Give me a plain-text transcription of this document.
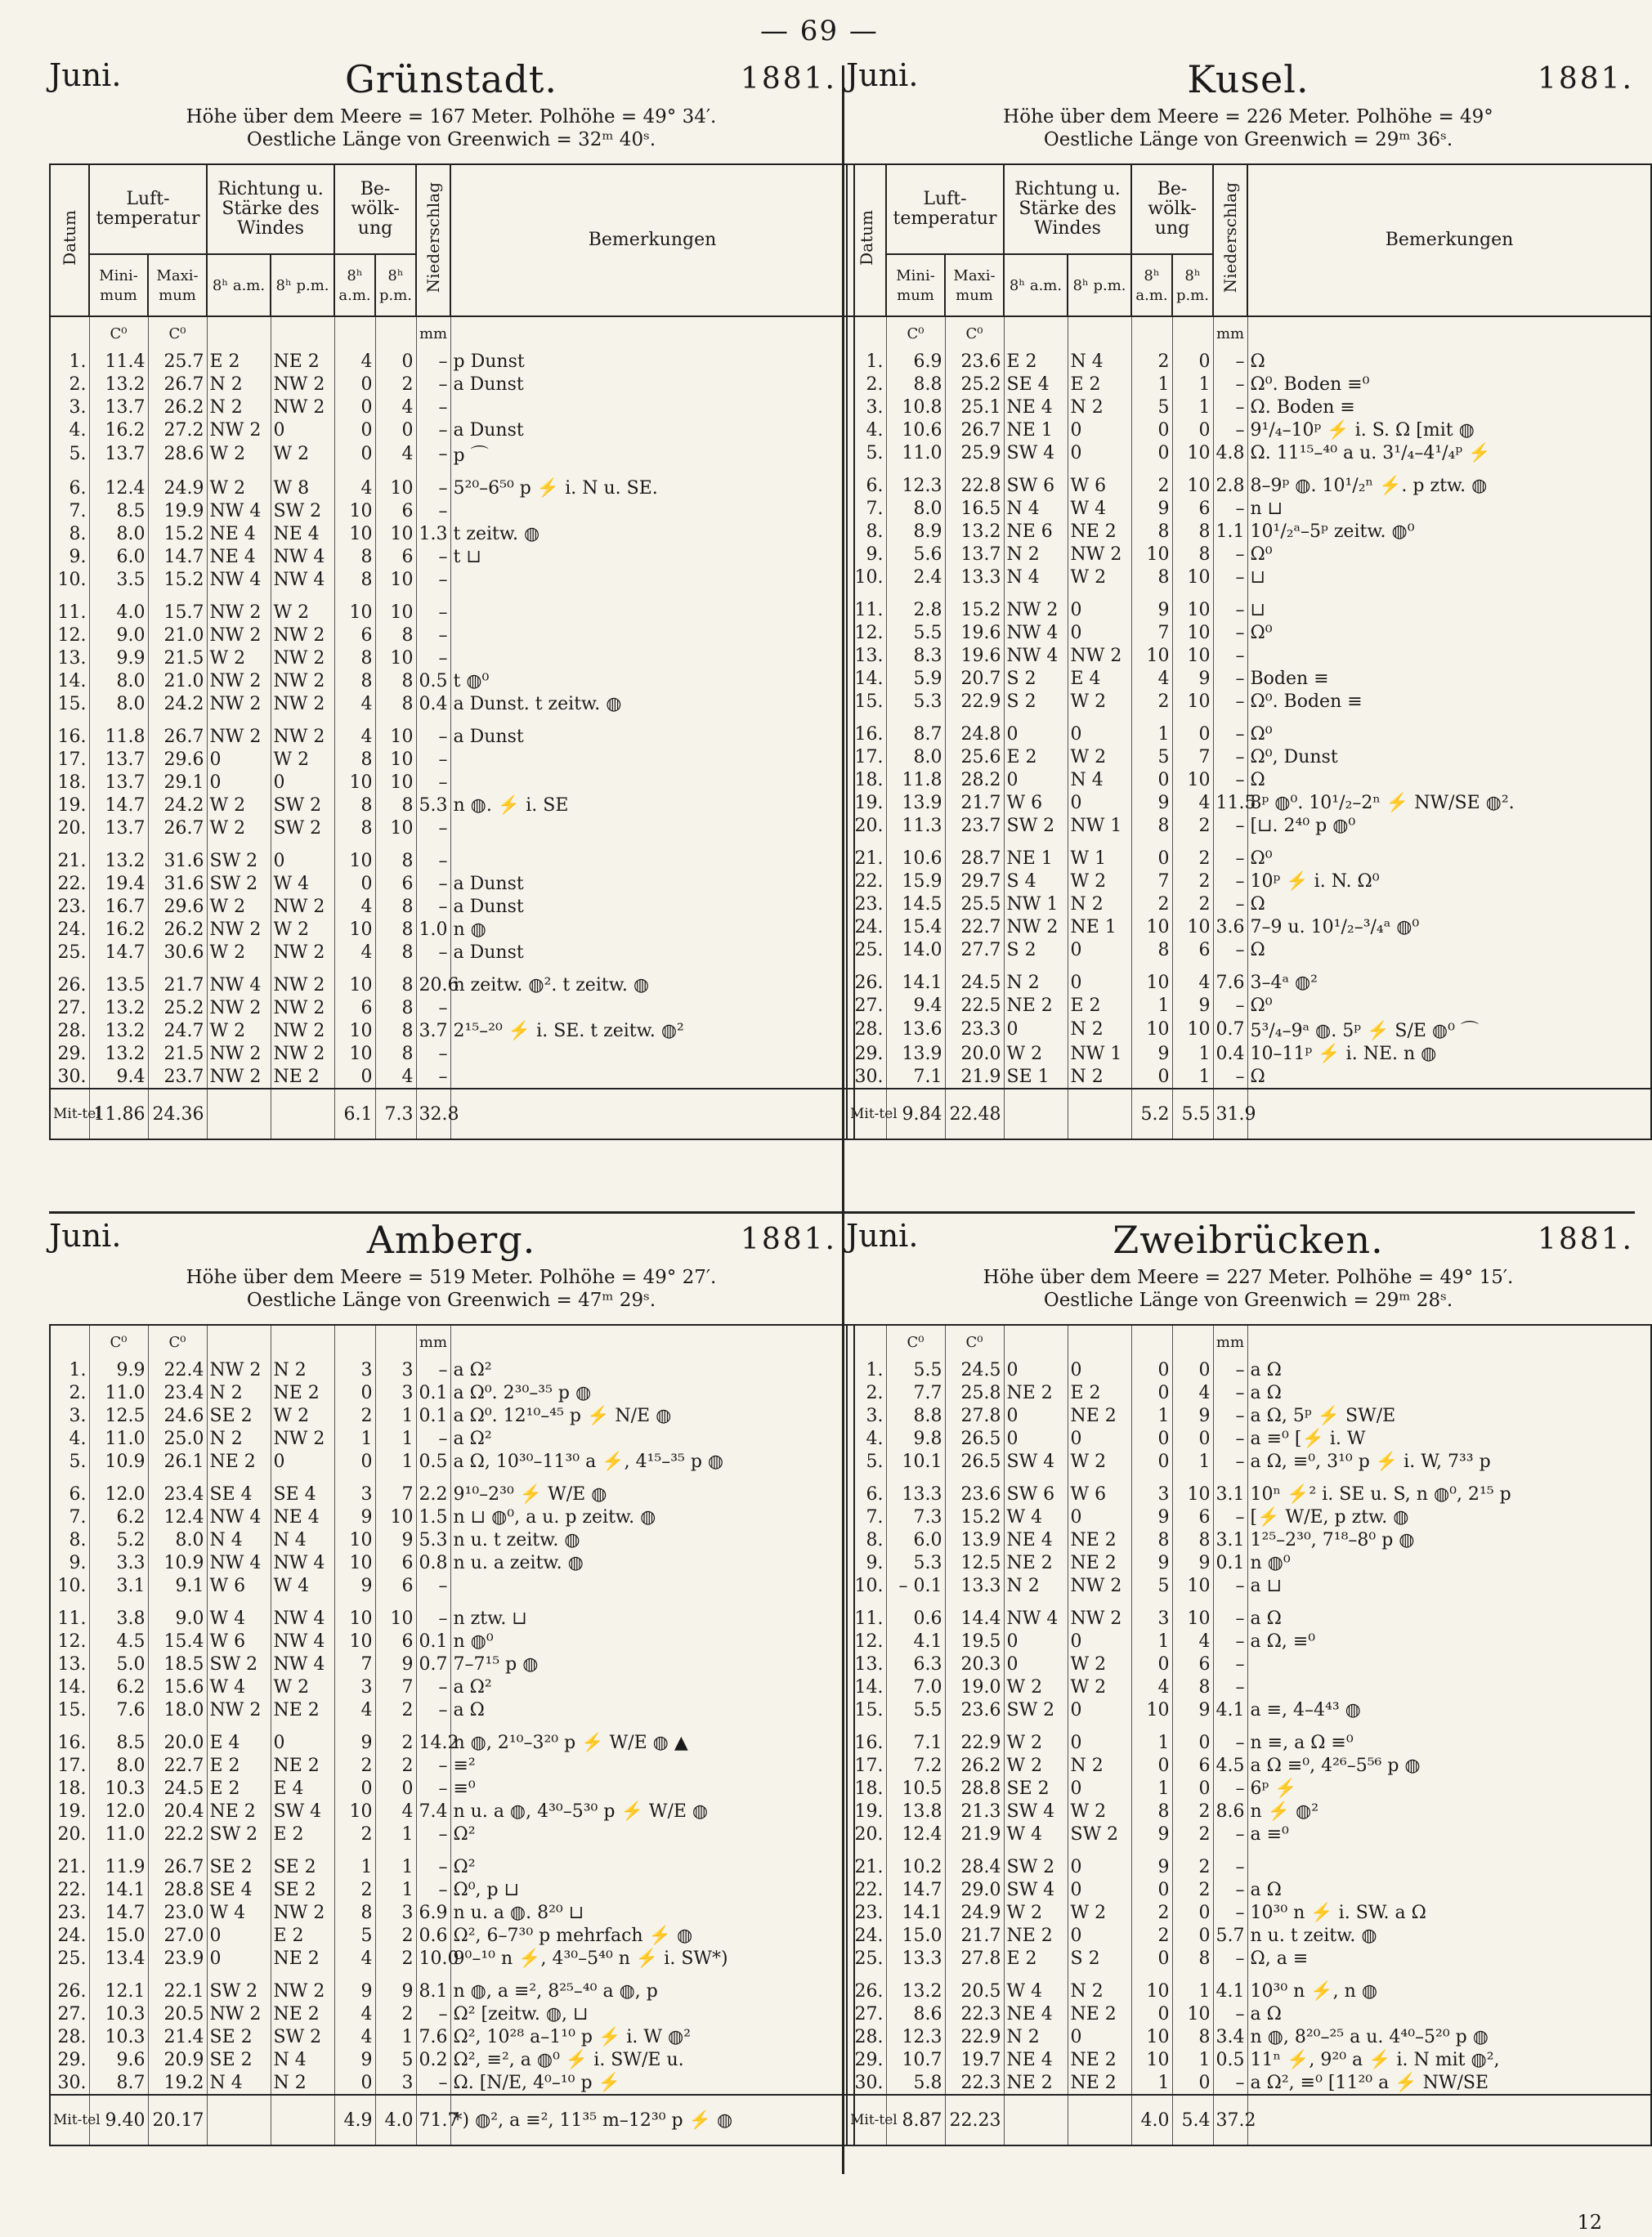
— 69 —
Juni.	Grünstadt.	1881.
Höhe über dem Meere = 167 Meter. Polhöhe = 49° 34′.
Oestliche Länge von Greenwich = 32ᵐ 40ˢ.
Datum	Luft-temperatur		Richtung u. Stärke des Windes		Be-wölk-ung		Niederschlag	Bemerkungen
	Mini-mum	Maxi-mum	8ʰ a.m.	8ʰ p.m.	8ʰ a.m.	8ʰ p.m.		
	C⁰	C⁰					mm	
1.	11.4	25.7	E 2	NE 2	4	0	–	p Dunst
2.	13.2	26.7	N 2	NW 2	0	2	–	a Dunst
3.	13.7	26.2	N 2	NW 2	0	4	–	
4.	16.2	27.2	NW 2	0	0	0	–	a Dunst
5.	13.7	28.6	W 2	W 2	0	4	–	p ⌒

6.	12.4	24.9	W 2	W 8	4	10	–	5²⁰–6⁵⁰ p ⚡ i. N u. SE.
7.	8.5	19.9	NW 4	SW 2	10	6	–	
8.	8.0	15.2	NE 4	NE 4	10	10	1.3	t zeitw. ◍
9.	6.0	14.7	NE 4	NW 4	8	6	–	t ⊔
10.	3.5	15.2	NW 4	NW 4	8	10	–	

11.	4.0	15.7	NW 2	W 2	10	10	–	
12.	9.0	21.0	NW 2	NW 2	6	8	–	
13.	9.9	21.5	W 2	NW 2	8	10	–	
14.	8.0	21.0	NW 2	NW 2	8	8	0.5	t ◍⁰
15.	8.0	24.2	NW 2	NW 2	4	8	0.4	a Dunst. t zeitw. ◍

16.	11.8	26.7	NW 2	NW 2	4	10	–	a Dunst
17.	13.7	29.6	0	W 2	8	10	–	
18.	13.7	29.1	0	0	10	10	–	
19.	14.7	24.2	W 2	SW 2	8	8	5.3	n ◍. ⚡ i. SE
20.	13.7	26.7	W 2	SW 2	8	10	–	

21.	13.2	31.6	SW 2	0	10	8	–	
22.	19.4	31.6	SW 2	W 4	0	6	–	a Dunst
23.	16.7	29.6	W 2	NW 2	4	8	–	a Dunst
24.	16.2	26.2	NW 2	W 2	10	8	1.0	n ◍
25.	14.7	30.6	W 2	NW 2	4	8	–	a Dunst

26.	13.5	21.7	NW 4	NW 2	10	8	20.6	n zeitw. ◍². t zeitw. ◍
27.	13.2	25.2	NW 2	NW 2	6	8	–	
28.	13.2	24.7	W 2	NW 2	10	8	3.7	2¹⁵–²⁰ ⚡ i. SE. t zeitw. ◍²
29.	13.2	21.5	NW 2	NW 2	10	8	–	
30.	9.4	23.7	NW 2	NE 2	0	4	–	
Mit-tel	11.86	24.36			6.1	7.3	32.8	
Juni.	Kusel.	1881.
Höhe über dem Meere = 226 Meter. Polhöhe = 49°
Oestliche Länge von Greenwich = 29ᵐ 36ˢ.
Datum	Luft-temperatur		Richtung u. Stärke des Windes		Be-wölk-ung		Niederschlag	Bemerkungen
	Mini-mum	Maxi-mum	8ʰ a.m.	8ʰ p.m.	8ʰ a.m.	8ʰ p.m.		
	C⁰	C⁰					mm	
1.	6.9	23.6	E 2	N 4	2	0	–	Ω
2.	8.8	25.2	SE 4	E 2	1	1	–	Ω⁰. Boden ≡⁰
3.	10.8	25.1	NE 4	N 2	5	1	–	Ω. Boden ≡
4.	10.6	26.7	NE 1	0	0	0	–	9¹/₄–10ᵖ ⚡ i. S. Ω [mit ◍
5.	11.0	25.9	SW 4	0	0	10	4.8	Ω. 11¹⁵–⁴⁰ a u. 3¹/₄–4¹/₄ᵖ ⚡

6.	12.3	22.8	SW 6	W 6	2	10	2.8	8–9ᵖ ◍. 10¹/₂ⁿ ⚡. p ztw. ◍
7.	8.0	16.5	N 4	W 4	9	6	–	n ⊔
8.	8.9	13.2	NE 6	NE 2	8	8	1.1	10¹/₂ᵃ–5ᵖ zeitw. ◍⁰
9.	5.6	13.7	N 2	NW 2	10	8	–	Ω⁰
10.	2.4	13.3	N 4	W 2	8	10	–	⊔

11.	2.8	15.2	NW 2	0	9	10	–	⊔
12.	5.5	19.6	NW 4	0	7	10	–	Ω⁰
13.	8.3	19.6	NW 4	NW 2	10	10	–	
14.	5.9	20.7	S 2	E 4	4	9	–	Boden ≡
15.	5.3	22.9	S 2	W 2	2	10	–	Ω⁰. Boden ≡

16.	8.7	24.8	0	0	1	0	–	Ω⁰
17.	8.0	25.6	E 2	W 2	5	7	–	Ω⁰, Dunst
18.	11.8	28.2	0	N 4	0	10	–	Ω
19.	13.9	21.7	W 6	0	9	4	11.5	8ᵖ ◍⁰. 10¹/₂–2ⁿ ⚡ NW/SE ◍².
20.	11.3	23.7	SW 2	NW 1	8	2	–	[⊔. 2⁴⁰ p ◍⁰

21.	10.6	28.7	NE 1	W 1	0	2	–	Ω⁰
22.	15.9	29.7	S 4	W 2	7	2	–	10ᵖ ⚡ i. N. Ω⁰
23.	14.5	25.5	NW 1	N 2	2	2	–	Ω
24.	15.4	22.7	NW 2	NE 1	10	10	3.6	7–9 u. 10¹/₂–³/₄ᵃ ◍⁰
25.	14.0	27.7	S 2	0	8	6	–	Ω

26.	14.1	24.5	N 2	0	10	4	7.6	3–4ᵃ ◍²
27.	9.4	22.5	NE 2	E 2	1	9	–	Ω⁰
28.	13.6	23.3	0	N 2	10	10	0.7	5³/₄–9ᵃ ◍. 5ᵖ ⚡ S/E ◍⁰ ⌒
29.	13.9	20.0	W 2	NW 1	9	1	0.4	10–11ᵖ ⚡ i. NE. n ◍
30.	7.1	21.9	SE 1	N 2	0	1	–	Ω
Mit-tel	9.84	22.48			5.2	5.5	31.9	
Juni.	Amberg.	1881.
Höhe über dem Meere = 519 Meter. Polhöhe = 49° 27′.
Oestliche Länge von Greenwich = 47ᵐ 29ˢ.
	C⁰	C⁰					mm	
1.	9.9	22.4	NW 2	N 2	3	3	–	a Ω²
2.	11.0	23.4	N 2	NE 2	0	3	0.1	a Ω⁰. 2³⁰–³⁵ p ◍
3.	12.5	24.6	SE 2	W 2	2	1	0.1	a Ω⁰. 12¹⁰–⁴⁵ p ⚡ N/E ◍
4.	11.0	25.0	N 2	NW 2	1	1	–	a Ω²
5.	10.9	26.1	NE 2	0	0	1	0.5	a Ω, 10³⁰–11³⁰ a ⚡, 4¹⁵–³⁵ p ◍

6.	12.0	23.4	SE 4	SE 4	3	7	2.2	9¹⁰–2³⁰ ⚡ W/E ◍
7.	6.2	12.4	NW 4	NE 4	9	10	1.5	n ⊔ ◍⁰, a u. p zeitw. ◍
8.	5.2	8.0	N 4	N 4	10	9	5.3	n u. t zeitw. ◍
9.	3.3	10.9	NW 4	NW 4	10	6	0.8	n u. a zeitw. ◍
10.	3.1	9.1	W 6	W 4	9	6	–	

11.	3.8	9.0	W 4	NW 4	10	10	–	n ztw. ⊔
12.	4.5	15.4	W 6	NW 4	10	6	0.1	n ◍⁰
13.	5.0	18.5	SW 2	NW 4	7	9	0.7	7–7¹⁵ p ◍
14.	6.2	15.6	W 4	W 2	3	7	–	a Ω²
15.	7.6	18.0	NW 2	NE 2	4	2	–	a Ω

16.	8.5	20.0	E 4	0	9	2	14.2	n ◍, 2¹⁰–3²⁰ p ⚡ W/E ◍ ▲
17.	8.0	22.7	E 2	NE 2	2	2	–	≡²
18.	10.3	24.5	E 2	E 4	0	0	–	≡⁰
19.	12.0	20.4	NE 2	SW 4	10	4	7.4	n u. a ◍, 4³⁰–5³⁰ p ⚡ W/E ◍
20.	11.0	22.2	SW 2	E 2	2	1	–	Ω²

21.	11.9	26.7	SE 2	SE 2	1	1	–	Ω²
22.	14.1	28.8	SE 4	SE 2	2	1	–	Ω⁰, p ⊔
23.	14.7	23.0	W 4	NW 2	8	3	6.9	n u. a ◍. 8²⁰ ⊔
24.	15.0	27.0	0	E 2	5	2	0.6	Ω², 6–7³⁰ p mehrfach ⚡ ◍
25.	13.4	23.9	0	NE 2	4	2	10.0	9⁰–¹⁰ n ⚡, 4³⁰–5⁴⁰ n ⚡ i. SW*)

26.	12.1	22.1	SW 2	NW 2	9	9	8.1	n ◍, a ≡², 8²⁵–⁴⁰ a ◍, p
27.	10.3	20.5	NW 2	NE 2	4	2	–	Ω² [zeitw. ◍, ⊔
28.	10.3	21.4	SE 2	SW 2	4	1	7.6	Ω², 10²⁸ a–1¹⁰ p ⚡ i. W ◍²
29.	9.6	20.9	SE 2	N 4	9	5	0.2	Ω², ≡², a ◍⁰ ⚡ i. SW/E u.
30.	8.7	19.2	N 4	N 2	0	3	–	Ω. [N/E, 4⁰–¹⁰ p ⚡
Mit-tel	9.40	20.17			4.9	4.0	71.7	*) ◍², a ≡², 11³⁵ m–12³⁰ p ⚡ ◍
Juni.	Zweibrücken.	1881.
Höhe über dem Meere = 227 Meter. Polhöhe = 49° 15′.
Oestliche Länge von Greenwich = 29ᵐ 28ˢ.
	C⁰	C⁰					mm	
1.	5.5	24.5	0	0	0	0	–	a Ω
2.	7.7	25.8	NE 2	E 2	0	4	–	a Ω
3.	8.8	27.8	0	NE 2	1	9	–	a Ω, 5ᵖ ⚡ SW/E
4.	9.8	26.5	0	0	0	0	–	a ≡⁰ [⚡ i. W
5.	10.1	26.5	SW 4	W 2	0	1	–	a Ω, ≡⁰, 3¹⁰ p ⚡ i. W, 7³³ p

6.	13.3	23.6	SW 6	W 6	3	10	3.1	10ⁿ ⚡² i. SE u. S, n ◍⁰, 2¹⁵ p
7.	7.3	15.2	W 4	0	9	6	–	[⚡ W/E, p ztw. ◍
8.	6.0	13.9	NE 4	NE 2	8	8	3.1	1²⁵–2³⁰, 7¹⁸–8⁰ p ◍
9.	5.3	12.5	NE 2	NE 2	9	9	0.1	n ◍⁰
10.	– 0.1	13.3	N 2	NW 2	5	10	–	a ⊔

11.	0.6	14.4	NW 4	NW 2	3	10	–	a Ω
12.	4.1	19.5	0	0	1	4	–	a Ω, ≡⁰
13.	6.3	20.3	0	W 2	0	6	–	
14.	7.0	19.0	W 2	W 2	4	8	–	
15.	5.5	23.6	SW 2	0	10	9	4.1	a ≡, 4–4⁴³ ◍

16.	7.1	22.9	W 2	0	1	0	–	n ≡, a Ω ≡⁰
17.	7.2	26.2	W 2	N 2	0	6	4.5	a Ω ≡⁰, 4²⁶–5⁵⁶ p ◍
18.	10.5	28.8	SE 2	0	1	0	–	6ᵖ ⚡
19.	13.8	21.3	SW 4	W 2	8	2	8.6	n ⚡ ◍²
20.	12.4	21.9	W 4	SW 2	9	2	–	a ≡⁰

21.	10.2	28.4	SW 2	0	9	2	–	
22.	14.7	29.0	SW 4	0	0	2	–	a Ω
23.	14.1	24.9	W 2	W 2	2	0	–	10³⁰ n ⚡ i. SW. a Ω
24.	15.0	21.7	NE 2	0	2	0	5.7	n u. t zeitw. ◍
25.	13.3	27.8	E 2	S 2	0	8	–	Ω, a ≡

26.	13.2	20.5	W 4	N 2	10	1	4.1	10³⁰ n ⚡, n ◍
27.	8.6	22.3	NE 4	NE 2	0	10	–	a Ω
28.	12.3	22.9	N 2	0	10	8	3.4	n ◍, 8²⁰–²⁵ a u. 4⁴⁰–5²⁰ p ◍
29.	10.7	19.7	NE 4	NE 2	10	1	0.5	11ⁿ ⚡, 9²⁰ a ⚡ i. N mit ◍²,
30.	5.8	22.3	NE 2	NE 2	1	0	–	a Ω², ≡⁰ [11²⁰ a ⚡ NW/SE
Mit-tel	8.87	22.23			4.0	5.4	37.2	
12
